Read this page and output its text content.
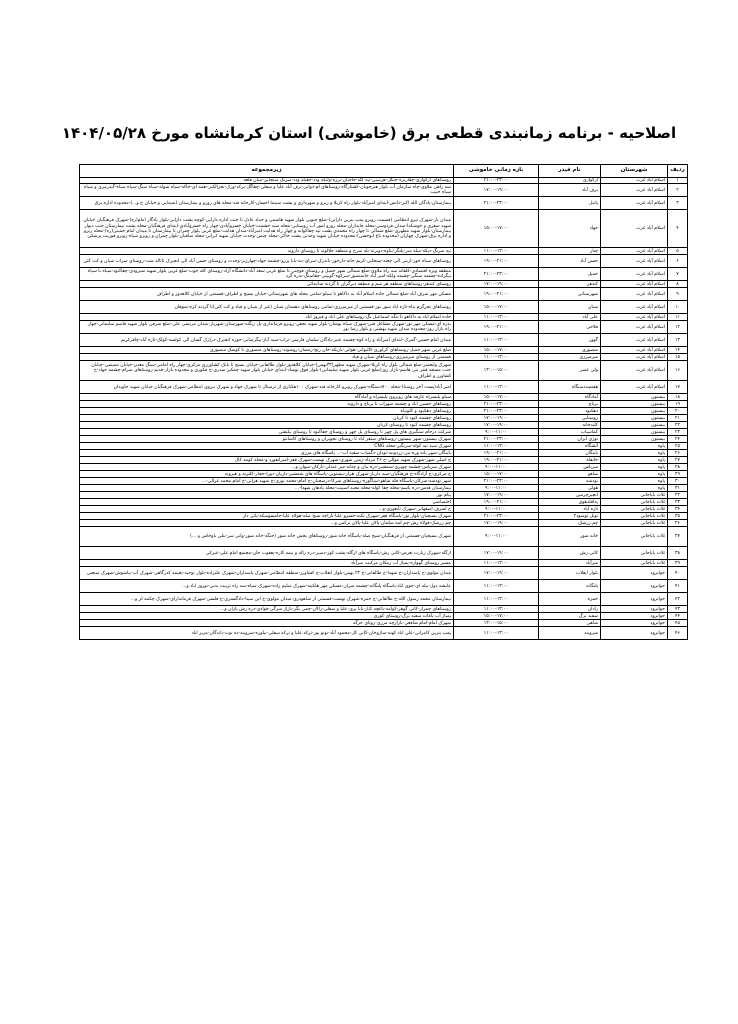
اصلاحیه - برنامه زمانبندی قطعی برق (خاموشی) استان کرمانشاه مورخ ۱۴۰۴/۰۵/۲۸
ردیف	شهرستان	نام فیدر	بازه زمانی خاموشی	زیرمجموعه
۱	اسلام آباد غرب	ارکوازی	۲۱:۰۰-۲۳:۰۰	روستاهای ارکوازی-چقاربره-جنگل-هرسین-تپه کله-حاجیان-برزه-ولیکه ودد-جقیله ودد-سرنگ ستجابی-میان قلعه
۲	اسلام آباد غرب	برف آباد	۱۷:۰۰-۱۹:۰۰	سه راهی ملاوی-چاه سازمان آب بلوار هنرجویان-کشتارگاه-روستاهای ام-دوانی-برف آباد علیا و سفلی-چقاگل-پرکه-ورک-تجرالکیر-نعمه ای-خاکه-سیاه شوله-سیاه سنگ-سیاه سیاه-گیدرمری و سیاه سیاه حبیب
۳	اسلام آباد غرب	پاتیل	۲۱:۰۰-۲۳:۰۰	بیمارستان-پادگان الله اکبر-دانش-ابتدای امیرآباد-بلوار راه کربلا و زیرو و شهرداری و پشت سینما احسان-کارخانه قند-محله های رورو و بیمارستان (شیدایی و خیابان خ و...)-محدوده اداره برق
۴	اسلام آباد غرب	جهاد	۱۵:۰۰-۱۷:۰۰	میدان بار-شهرک نیرو انتظامی (قسمت روبرو پمپ بنزین دارایی)-ضلع جنوبی بلوار شهید هاشمی و حداد عادل تا جنب اداره دارایی-کوچه پشت دارایی-بلوار یادگار امام(ره)-شهرک فرهنگیان خیابان شهید صفری و خوشکدا-میدان فردوسی-محله چایداران-محله رورو امور آب روستایی-محله سید حشمت-خیابان خسروآبادی-چهار راه خسروآبادی-ابتدای فرهنگیان-محله پشت بیمارستان جنب دیوار بیمارستان-بلوار شهید مطهری-ضلع شمالی تا چهار راه محمدی پشت تپه چقاکوانه و چهار راه هدایت امیرآباد-میدان هدایت-ضلع غربی بلوار چمران تا بیمارستان تا میدان امام خمینی(ره)-محله زیرو و اداره برق-شهرک چهاران (محدوده باغ ابوحسن)-محدوده خیابان شهید وحدتی پشت خاکی-محله چیمن-وحدت خیابان شهید ایرانی-محله صافیان-بلوار چمران و روبرو سپاه-روبرو فوریت پزشکی
۵	اسلام آباد غرب	چناز	۱۱:۰۰-۱۳:۰۰	تپه سرنگ-دیکه-میله سر-پلنگر-بناوه-دوبرنه-بله سرخ و منطقه جلالوند تا روستای داروند
۶	اسلام آباد غرب	حسن آباد	۱۹:۰۰-۲۱:۰۰	روستاهای سیاه خور-اربنی الی چغته-ستجابی-کریم خانه-دارخور-باندرک-سرای-بنه-بابا پرزو-چشمه جهاد-چهارزبر-وحدت و روستای حسن آباد الی انجیرک تاثالد شت-روستای سراب شیان و کت کئی
۷	اسلام آباد غرب	حمیل	۲۱:۰۰-۲۳:۰۰	منطقه ویژه اقتصادی-کلفانه سه راه ملاوی-ضلع شمالی شهر حمیل و روستای قوچنی تا ضلع غربی سعد آباد-دانشگاه آزاد-روستای کله جوب-ضلع غربی بلوار شهید شیرودی-چقاکبود-سیاه با سیاه بیگزاده-چشمه سنگی-چشمه ولکه-امیر آباد خانمنصور-سرکوه-گوبینی-چقاسنگ-بدره گرد
۸	اسلام آباد غرب	کندهر	۱۷:۰۰-۱۹:۰۰	روستای کندهر-روستاهای منطقه هر سم و منطقه دیرگران تا گردنه شانبدائی
۹	اسلام آباد غرب	شهرستانی	۱۹:۰۰-۲۱:۰۰	مسکن مهر شرف آباد-ضلع شمالی جاده اسلام آباد به داکاهو تا سیلو-تمامی محله های شهرستانی-خیابان بسیج و اطراف-قسمتی از خیابان کلاهدوز و اطراف
۱۰	اسلام آباد غرب	شیان	۱۵:۰۰-۱۷:۰۰	روستاهای تجرگرم بناه-تازه اباد سور بور-قسمتی از میرمیرزی-تمامی روستاهای دهستان شیان (غیر از شیان و قباد و کت کئی)تا گردنه کره-شوهان
۱۱	اسلام آباد غرب	علی آباد	۱۱:۰۰-۱۳:۰۰	جاده اسلام اباد به داکاهو تا تنگه اسماعیل بگ-روستاهای علی اباد و فیروز اباد
۱۲	اسلام آباد غرب	فلاحی	۱۹:۰۰-۲۱:۰۰	بدره ای-مسکن مهر نور-شهرک مشاغل فنی-شهرک سیاه پوشان-بلوار شهید نجفی-روبرو فرمانداری-پل زنگنه-شهرستان-شهریار-میدان مرتضی علی-ضلع شرقی بلوار شهید قاسم سلیمانی-چهار راه بازار روز-محدوده میدان شهید بهشتی و بلوار رضا نور
۱۳	اسلام آباد غرب	گوور	۱۱:۰۰-۱۳:۰۰	میدان امام حسین-گمرک-ابتدای امیرآباد و راه کوه-چشمه عنبر-پادگان سلمان فارسی-تراب-سید آباز-بیگرشانی-حوزه انجیرک-دراژک گسان الی کولسه-کولک-تازه آباد-چاقرکریم
۱۴	اسلام آباد غرب	منصوری	۱۵:۰۰-۱۷:۰۰	ضلع غربی شهر حمیل-روستاهای کرلوری-کالیوانی-هوانی-باریکه-خان رنج-رمضان-روشوند-روستاهای منصوری تا کوشک منصوری
۱۵	اسلام آباد غرب	میرمیرزی	۱۱:۰۰-۱۳:۰۰	قسمتی از روستای میرمیرزی-روستاهای شیان و قباد
۱۶	اسلام آباد غرب	ولی عصر	۱۳:۰۰-۱۵:۰۰	شهرک ولیعصر-ضلع شمالی بلوار راه کربلا-شهرک شهید مطهر(۳۳بهمن)-خیابان کلاهدوز-بلوار طالقانی-خیابان بسیج تا بانک کشاورزی مرکزی-چهار راه امامی-سنگ معدن-خیابان ممیضی-خیابان جنب مسجد قمر بنی هاشم-بازار روز(ضلع غربی بلوار شهید سلیمانی)-بلوار فوق نوشاد-ابتدای خیابان بلوار شهید چمکیز صدری-خ فکوری و محدوده بازار-قدیم-روستاهای شرام-چشمه جهاد-خ کشاورز و اطراف
۱۷	اسلام آباد غرب	هفتصددستگاه	۱۱:۰۰-۱۳:۰۰	امیر آباد(پست آخر روستا)-محله ۷۰۰دستگاه-شهرک روبرو کارخانه قند-شهرک ۱۰۰هکتاری از ترمینال تا شهرک جهاد و شهرک نیروی انتظامی-شهرک فرهنگیان خیابان شهید جاویدان
۱۸	بیستون	آمادگاه	۱۵:۰۰-۱۷:۰۰	سیلو پلیسراه عارفه های روبروی پلیسراه و آمادگاه
۱۹	بیستون	برناج	۲۱:۰۰-۲۳:۰۰	روستاهای حسین اباد و چشمه سهراب تا برناج و دارونه
۲۰	بیستون	دهکبود	۲۱:۰۰-۲۳:۰۰	روستاهای دهکبود و کلونیاه
۲۱	بیستون	روستایی	۱۷:۰۰-۱۹:۰۰	روستاهای چشمه کبود تا کربان
۲۲	بیستون	کلیدخانه	۱۷:۰۰-۱۹:۰۰	روستاهای چشمه کبود تا روستای کربان
۲۳	بیستون	کماسیاب	۹:۰۰-۱۱:۰۰	شرکت درحام سنگبری های پل چهر تا روستای پل چهر و روستای چقاکبود تا روستای بکیفتی
۲۴	بیستون	نوژی ایران	۲۱:۰۰-۲۳:۰۰	شهرک بیستون-شهر بیستون-روستاهای سنقر اباد تا روستای نجوبران و روستاهای کاشانتو
۲۵	پاوه	آتشگاه	۱۱:۰۰-۱۳:۰۰	شهرک سید تپه کوله-سرنگیر-محله CNG
۲۶	پاوه	باینگان	۱۹:۰۰-۲۱:۰۰	باینگان-شهر بانه وره-بنن-زردونیه-نودان-دگمیاب-سفید آب-... پاسگاه های مرزی
۲۷	پاوه	خانقاه	۱۹:۰۰-۲۱:۰۰	خ اصلی شهر-شهرک شهید موالی-خ ۲۶ مرداد-زمین شهری-شهرک نهضت-شهرک قفر-امیرانفورد و-محله کومه کال
۲۸	پاوه	سریاس	۹:۰۰-۱۱:۰۰	شهرک سریاس-چشمه چوپری-شمشیر-دره بیان و چنانه-میر عبدلی-نارکان-میوان و...
۲۹	پاوه	شاهو	۱۵:۰۰-۱۷:۰۰	خ مرکزی-خ آزادگاه-خ فرهنگیان-سید دارباز-شهرک هزار-بیستویی-پاسگاه های شمشیر-داریان-دورا-حجار-کلترنه و هیرونه
۳۰	پاوه	نودشه	۲۱:۰۰-۲۳:۰۰	شهر نودشه-شرکان-پاسگاه قله شاهو-سیاگوره-روستاهای شرکا-درصحیان-خ امام-محمد نوری-خ شهید هراتی-خ امام محمد غزالی-...
۳۱	پاوه	هولی	۹:۰۰-۱۱:۰۰	بیمارستان قدس-دره باسم-محله چقا کوله-محله مجید اسپیت-محله بادهان شهدا-...
۳۲	ثلاث باباجانی	انجیرچرمین	۱۷:۰۰-۱۹:۰۰	پیام نور
۳۳	ثلاث باباجانی	پداقلدهوی	۱۹:۰۰-۲۱:۰۰	اختصاصی
۳۴	ثلاث باباجانی	تازه آباد	۹:۰۰-۱۱:۰۰	خ اشرف اصفهانی-شهرک تابعوزی-و...
۳۵	ثلاث باباجانی	تونل نوسود۲	۲۱:۰۰-۲۳:۰۰	شهرک بسیجیان-بلوار نور-پاسگاه قفر-شهرک تکیه-خسرو علیا-بازاچه شیخ صله-هولاه علیا-جامسوسکه-پاتی دار
۳۶	ثلاث باباجانی	چم زرشک	۱۷:۰۰-۱۹:۰۰	چم زرشک-قولاه رش-چم لمه سلمان-پالان علیا-پالان ترکس و...
۳۷	ثلاث باباجانی	خانه شور	۹:۰۰-۱۱:۰۰	شهرک بسیجیان-قسمتی از فرهنگیان-شیخ صله-پاسگاه خانه شور-روستاهای بخش خانه شور (جنگه-خانه شور-وانی سر-بنلی باوخاس و ...)
۳۸	ثلاث باباجانی	کانی رش	۱۷:۰۰-۱۹:۰۰	ازگله-شهرک زیارت تعرض-کانی رش-پاسگاه های ازگله-پشت کوز-دسیر-دره زاله و نیمه کاره-یعقوب جان-مجتمع امام علی-عیرکی
۳۹	ثلاث باباجانی	میرآباد	۱۱:۰۰-۱۳:۰۰	مسیر روستای گهواره-پمپاژ آب زمکان مرکبت میرآباد
۴۰	جوانرود	بلوار انقلاب	۱۷:۰۰-۱۹:۰۰	میدان مولوی-خ پاسداران-خ شهدا-خ طالقانی-خ ۲۲ بهمن-بلوار انقلاب-خ کشاورز-منطقه انتظامی-شهرک پاسداران-شهرک علیزاده-بلوار توحید-نخیمه کدرگاهی-شهرک آب-بیاشوش-شهرک صنعتی
۴۱	جوانرود	پلنگانه	۱۱:۰۰-۱۳:۰۰	عایشه دول-بیله ای-جوی اباد-باسگاه پلنگانه-چشمه میران-مسکن مهر هلکینه-شهرک سلیم زاده-شهرک سیاه-سه راه تربیت بدنی-نوروز اباد و...
۴۲	جوانرود	حمزه	۱۱:۰۰-۱۳:۰۰	بیمارستان محمد رسول الله-خ طالقانی-خ حمزه-شهرک نهضت-قسمتی از شاهودری-میدان مولوی-خ ابن سینا-دادگستری-خ فلسی-شهرک فرماندارای-شهرک چکمه لر و...
۴۳	جوانرود	رادان	۱۱:۰۰-۱۳:۰۰	روستاهای چمزار-کانی گوهر-کوامه-باغچه کتار-بابا بری-علیا و سفلی-زالان-چمی بگر-باراز میرگی-قوادی-دره رش بازان و...
۴۴	جوانرود	سفید برگ	۱۵:۰۰-۱۷:۰۰	پمپاژ آب باغات سفید برگ-روستای کوری
۴۵	جوانرود	شاهی	۱۳:۰۰-۱۵:۰۰	شهرک امام-امام شافعی-بازارچه مرزی-روتای خرگه
۴۶	جوانرود	شروینه	۱۱:۰۰-۱۳:۰۰	پمپ بنزین کامرانی-علی اباد کهنه-سازوخان-کانی کل-محمود آباد-نوتو بور-ترکه علیا و ترکه سفلی-بیلوره-شروینه-ده توت-باندگان-مربز اباد
